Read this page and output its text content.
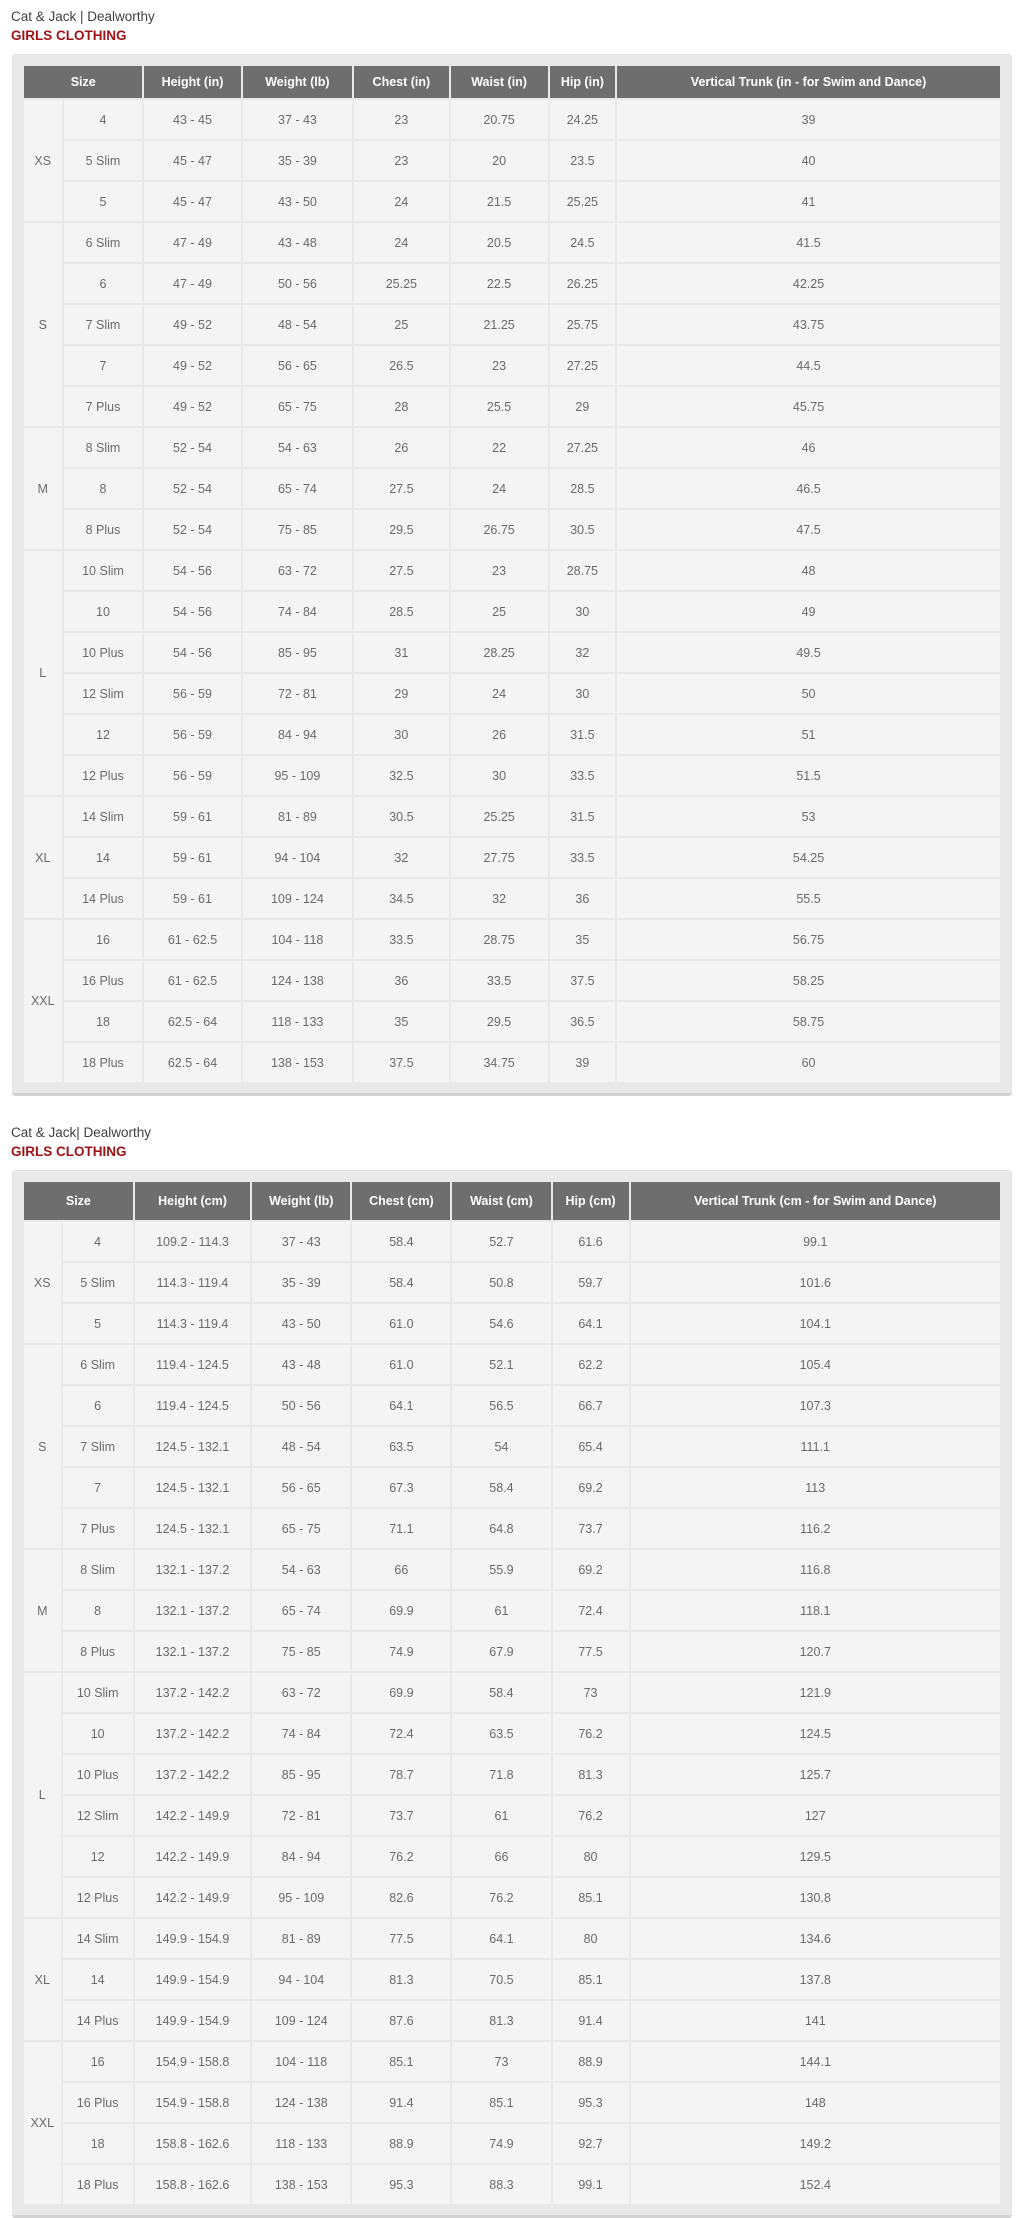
Cat & Jack | Dealworthy
GIRLS CLOTHING
Size		Height (in)	Weight (lb)	Chest (in)	Waist (in)	Hip (in)	Vertical Trunk (in - for Swim and Dance)
XS	4	43 - 45	37 - 43	23	20.75	24.25	39
	5 Slim	45 - 47	35 - 39	23	20	23.5	40
	5	45 - 47	43 - 50	24	21.5	25.25	41
S	6 Slim	47 - 49	43 - 48	24	20.5	24.5	41.5
	6	47 - 49	50 - 56	25.25	22.5	26.25	42.25
	7 Slim	49 - 52	48 - 54	25	21.25	25.75	43.75
	7	49 - 52	56 - 65	26.5	23	27.25	44.5
	7 Plus	49 - 52	65 - 75	28	25.5	29	45.75
M	8 Slim	52 - 54	54 - 63	26	22	27.25	46
	8	52 - 54	65 - 74	27.5	24	28.5	46.5
	8 Plus	52 - 54	75 - 85	29.5	26.75	30.5	47.5
L	10 Slim	54 - 56	63 - 72	27.5	23	28.75	48
	10	54 - 56	74 - 84	28.5	25	30	49
	10 Plus	54 - 56	85 - 95	31	28.25	32	49.5
	12 Slim	56 - 59	72 - 81	29	24	30	50
	12	56 - 59	84 - 94	30	26	31.5	51
	12 Plus	56 - 59	95 - 109	32.5	30	33.5	51.5
XL	14 Slim	59 - 61	81 - 89	30.5	25.25	31.5	53
	14	59 - 61	94 - 104	32	27.75	33.5	54.25
	14 Plus	59 - 61	109 - 124	34.5	32	36	55.5
XXL	16	61 - 62.5	104 - 118	33.5	28.75	35	56.75
	16 Plus	61 - 62.5	124 - 138	36	33.5	37.5	58.25
	18	62.5 - 64	118 - 133	35	29.5	36.5	58.75
	18 Plus	62.5 - 64	138 - 153	37.5	34.75	39	60
Cat & Jack| Dealworthy
GIRLS CLOTHING
Size		Height (cm)	Weight (lb)	Chest (cm)	Waist (cm)	Hip (cm)	Vertical Trunk (cm - for Swim and Dance)
XS	4	109.2 - 114.3	37 - 43	58.4	52.7	61.6	99.1
	5 Slim	114.3 - 119.4	35 - 39	58.4	50.8	59.7	101.6
	5	114.3 - 119.4	43 - 50	61.0	54.6	64.1	104.1
S	6 Slim	119.4 - 124.5	43 - 48	61.0	52.1	62.2	105.4
	6	119.4 - 124.5	50 - 56	64.1	56.5	66.7	107.3
	7 Slim	124.5 - 132.1	48 - 54	63.5	54	65.4	111.1
	7	124.5 - 132.1	56 - 65	67.3	58.4	69.2	113
	7 Plus	124.5 - 132.1	65 - 75	71.1	64.8	73.7	116.2
M	8 Slim	132.1 - 137.2	54 - 63	66	55.9	69.2	116.8
	8	132.1 - 137.2	65 - 74	69.9	61	72.4	118.1
	8 Plus	132.1 - 137.2	75 - 85	74.9	67.9	77.5	120.7
L	10 Slim	137.2 - 142.2	63 - 72	69.9	58.4	73	121.9
	10	137.2 - 142.2	74 - 84	72.4	63.5	76.2	124.5
	10 Plus	137.2 - 142.2	85 - 95	78.7	71.8	81.3	125.7
	12 Slim	142.2 - 149.9	72 - 81	73.7	61	76.2	127
	12	142.2 - 149.9	84 - 94	76.2	66	80	129.5
	12 Plus	142.2 - 149.9	95 - 109	82.6	76.2	85.1	130.8
XL	14 Slim	149.9 - 154.9	81 - 89	77.5	64.1	80	134.6
	14	149.9 - 154.9	94 - 104	81.3	70.5	85.1	137.8
	14 Plus	149.9 - 154.9	109 - 124	87.6	81.3	91.4	141
XXL	16	154.9 - 158.8	104 - 118	85.1	73	88.9	144.1
	16 Plus	154.9 - 158.8	124 - 138	91.4	85.1	95.3	148
	18	158.8 - 162.6	118 - 133	88.9	74.9	92.7	149.2
	18 Plus	158.8 - 162.6	138 - 153	95.3	88.3	99.1	152.4
